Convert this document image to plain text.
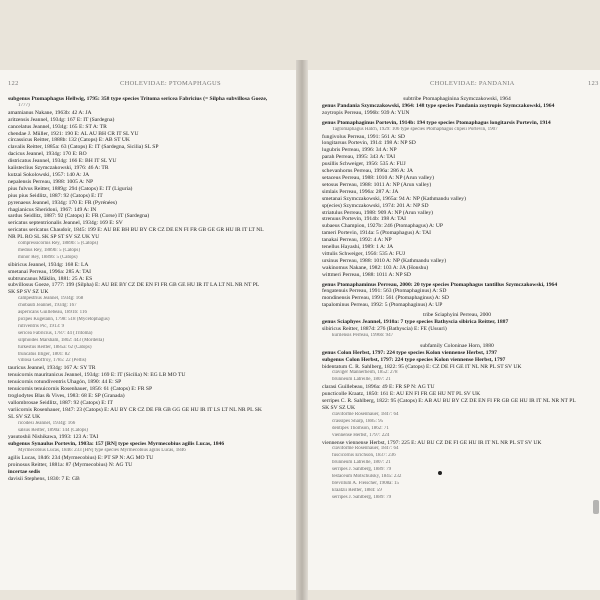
122	CHOLEVIDAE: PTOMAPHAGUS	CHOLEVIDAE: PANDANIA	123
subgenus Ptomaphagus Hellwig, 1795: 358 type species Tritoma sericea Fabricius (= Silpha subvillosa Goeze,
1777)
amamianus Nakane, 1963b: 42 A: JA
aritzensis Jeannel, 1934g: 167 E: IT (Sardegna)
cancelatus Jeannel, 1934g: 165 E: ST A: TR
chendae J. Müller, 1921: 190 E: AL AU BH CR IT SL YU
circassicus Reitter, 1888b: 132 (Catops) E: AB ST UK
clavalis Reitter, 1885a: 63 (Catops) E: IT (Sardegna, Sicilia) SL SP
dacicus Jeannel, 1934g: 170 E: RO
districatus Jeannel, 1934g: 166 E: BH IT SL YU
kaiisteclius Szymczakowski, 1976: 46 A: TR
kutzai Sokolowski, 1957: 140 A: JA
nepalensis Perreau, 1988: 1005 A: NP
pius fulvus Reitter, 1889g: 294 (Catops) E: IT (Liguria)
pius pius Seidlitz, 1887: 92 (Catops) E: IT
pyrenaeus Jeannel, 1934g: 170 E: FR (Pyrénées)
rhagianicus Sheridoni, 1967: 149 A: IN
sardus Seidlitz, 1887: 92 (Catops) E: FR (Corse) IT (Sardegna)
sericatus septentrionalis Jeannel, 1934g: 169 E: SV
sericatus sericatus Chaudoir, 1845: 199 E: AU BE BH BU BY CR CZ DE EN FI FR GB GE GR HU IR IT LT NL
NR PL RO SL SK SP ST SV SZ UK YU
compressicornis Rey, 1889b: 5 (Catops)
medius Rey, 1889b: 5 (Catops)
minor Rey, 1889b: 5 (Catops)
sibiricus Jeannel, 1934g: 168 E: LA
smetanai Perreau, 1996a: 285 A: TAI
subtruncanus Mäklin, 1881: 25 A: ES
subvillosus Goeze, 1777: 199 (Silpha) E: AU BE BY CZ DE EN FI FR GB GE HU IR IT LA LT NL NR NT PL
SK SP SV SZ UK
campestrius Jeannel, 1934g: 168
chobauti Jeannel, 1934g: 167
aspericans Guillebeau, 1891b: 116
picipes Kugelann, 1798: 518 (Mycetophagus)
rufiventris Pic, 1913: 9
sericea Fabricius, 1787: 44 (Tritoma)
silphoides Marsham, 1802: 443 (Mordella)
turkestus Reitter, 1885a: 62 (Catops)
truncatus Illiger, 1801: 82
villosa Geoffroy, 1785: 22 (Peltis)
tauricus Jeannel, 1934g: 167 A: SY TR
tenuicornis mauritanicus Jeannel, 1934g: 169 E: IT (Sicilia) N: EG LB MO TU
tenuicornis rotundiventris Uhagón, 1890: 44 E: SP
tenuicornis tenuicornis Rosenhauer, 1856: 61 (Catops) E: FR SP
troglodytes Blas & Vives, 1983: 68 E: SP (Granada)
vallombrosae Seidlitz, 1887: 92 (Catops) E: IT
variicornis Rosenhauer, 1847: 23 (Catops) E: AU BY CR CZ DE FR GB GG GE HU IR IT LS LT NL NR PL SK
SL SV SZ UK
ricodesi Jeannel, 1934g: 166
salsus Reitter, 1890a: 144 (Catops)
yasutoshii Nishikawa, 1993: 123 A: TAI
subgenus Synaulus Portevin, 1903a: 157 [RN] type species Myrmecobius agilis Lucas, 1846
Myrmecobius Lucas, 1846: 233 [HN] type species Myrmecobius agilis Lucas, 1846
agilis Lucas, 1846: 234 (Myrmecobius) E: PT SP N: AG MO TU
proinosus Reitter, 1881a: 87 (Myrmecobius) N: AG TU
incertae sedis
davisii Stephens, 1830: 7 E: GB
subtribe Ptomaphaginina Szymczakowski, 1964
genus Pandania Szymczakowski, 1964: 148 type species Pandania zoytropis Szymczakowski, 1964
zoytropis Perreau, 1996b: 939 A: YUN
genus Ptomaphaginus Portevin, 1914b: 194 type species Ptomaphagus longitarsis Portevin, 1914
Tagtomaphagus Hatch, 1929: 106 type species Ptomaphagus clipeii Portevin, 1907
fungivolus Perreau, 1991: 561 A: SD
longitarsus Portevin, 1914: 198 A: NP SD
lugubris Perreau, 1996: 34 A: NP
parah Perreau, 1995: 343 A: TAI
pusillis Schweiger, 1956: 535 A: FUJ
schevanhorns Perreau, 1996a: 286 A: JA
setaceus Perreau, 1988: 1010 A: NP (Arun valley)
setosus Perreau, 1988: 1011 A: NP (Arun valley)
simlais Perreau, 1996a: 287 A: JA
smetanai Szymczakowski, 1965a: 94 A: NP (Kathmandu valley)
sp(ecies) Szymczakowski, 1974: 201 A: NP SD
striatulus Perreau, 1988: 909 A: NP (Arun valley)
strenuus Portevin, 1914b: 198 A: TAI
subaeus Champion, 1927b: 246 (Ptomaphagus) A: UP
tameri Portevin, 1914a: 5 (Ptomaphagus) A: TAI
tanakai Perreau, 1992: 4 A: NP
tenellus Hayashi, 1989: 1 A: JA
vittulis Schweiger, 1956: 535 A: FUJ
ursinus Perreau, 1988: 1010 A: NP (Kathmandu valley)
wakinomus Nakane, 1982: 103 A: JA (Honshu)
wittmeri Perreau, 1988: 1011 A: NP SD
genus Ptomaphaminus Perreau, 2000: 20 type species Ptomaphagus tantillus Szymczakowski, 1964
fengatenuis Perreau, 1991: 563 (Ptomaphaginus) A: SD
mondinensis Perreau, 1991: 561 (Ptomaphaginus) A: SD
tapalominus Perreau, 1992: 5 (Ptomaphaginus) A: UP
tribe Sciaphyini Perreau, 2000
genus Sciaphyes Jeannel, 1910a: 7 type species Bathyscia sibirica Reitter, 1887
sibiricus Reitter, 1887d: 276 (Bathyscia) E: FE (Ussuri)
kurilensis Perreau, 1996b: 947
subfamily Coloninae Horn, 1880
genus Colon Herbst, 1797: 224 type species Kolon viennense Herbst, 1797
subgenus Colon Herbst, 1797: 224 type species Kolon viennense Herbst, 1797
bidentatum C. R. Sahlberg, 1822: 95 (Catops) E: CZ DE FI GE IT NL NR PL ST SV UK
claviger Mannerheim, 1852: 278
brunneum Latreille, 1807: 21
clarasi Guillebeau, 1896a: 49 E: FR SP N: AG TU
puncticolle Kraatz, 1850: 161 E: AU EN FI FR GE HU NT PL SV UK
serripes C. R. Sahlberg, 1822: 95 (Catops) E: AB AU BU BY CZ DE EN FI FR GB GE HU IR IT NL NR NT PL
SK SV SZ UK
claviforme Rosenhauer, 1847: 64
crassipes Sharp, 1885: 95
dentipes Thomson, 1862: 71
viennense Herbst, 1797: 224
viennense viennense Herbst, 1797: 225 E: AU BU CZ DE FI GE HU IR IT NL NR PL ST SV UK
claviforme Rosenhauer, 1847: 64
fuscicornis Erichson, 1837: 236
brunneum Latreille, 1807: 21
serripes J. Sahlberg, 1889: 79
testaceum Motschulsky, 1845: 232
brevillum A. Fleischer, 1908a: 15
kraatzii Reitter, 1884: 59
serripes J. Sahlberg, 1889: 79
